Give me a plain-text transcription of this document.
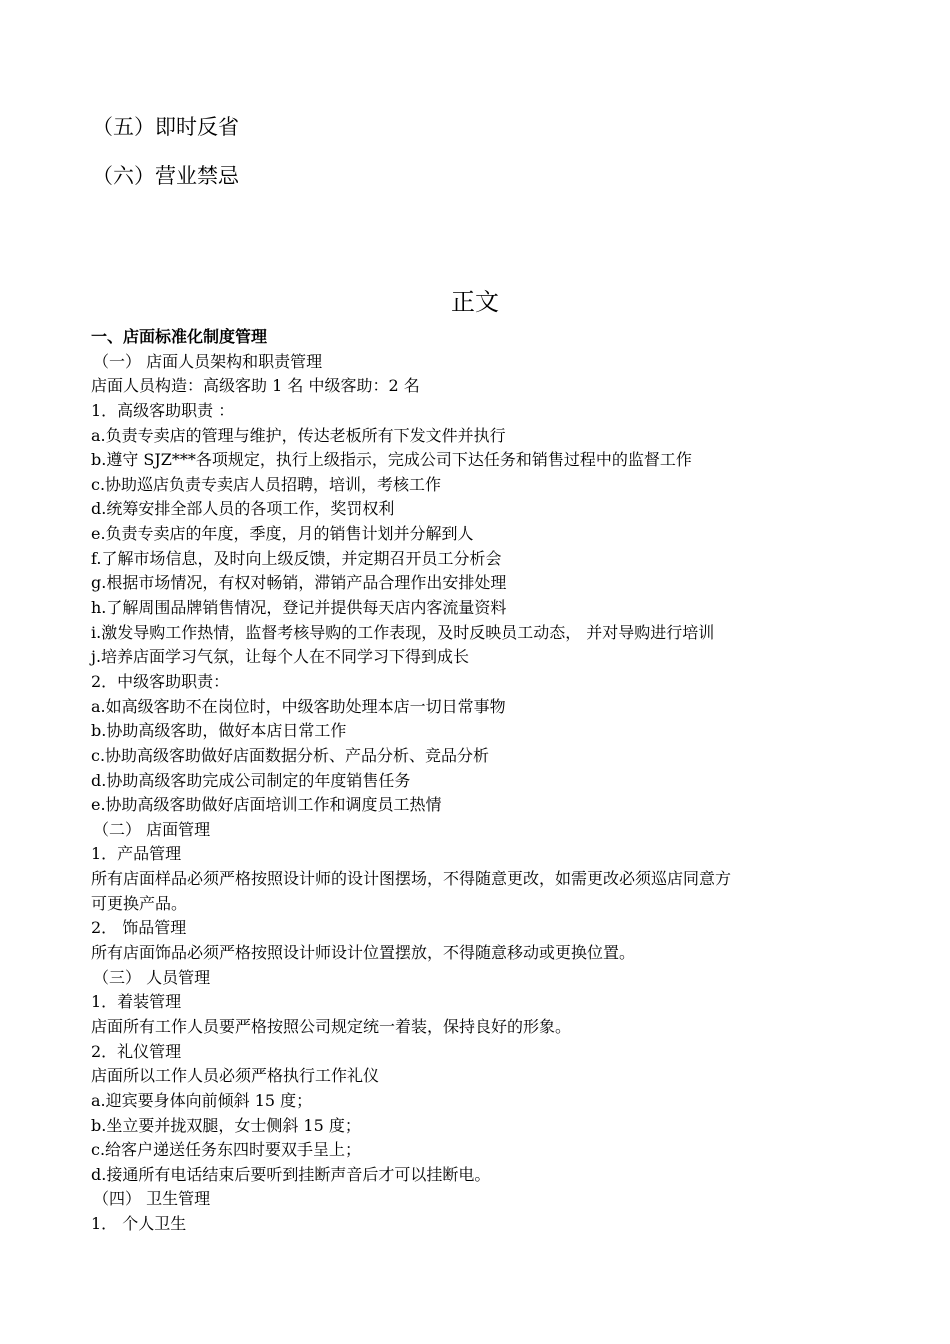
（五）即时反省
（六）营业禁忌
正文
一、店面标准化制度管理
（一） 店面人员架构和职责管理
店面人员构造：高级客助 1 名 中级客助：2 名
1．高级客助职责 ：
a.负责专卖店的管理与维护，传达老板所有下发文件并执行
b.遵守 SJZ***各项规定，执行上级指示，完成公司下达任务和销售过程中的监督工作
c.协助巡店负责专卖店人员招聘，培训，考核工作
d.统筹安排全部人员的各项工作，奖罚权利
e.负责专卖店的年度，季度，月的销售计划并分解到人
f.了解市场信息，及时向上级反馈，并定期召开员工分析会
g.根据市场情况，有权对畅销，滞销产品合理作出安排处理
h.了解周围品牌销售情况，登记并提供每天店内客流量资料
i.激发导购工作热情，监督考核导购的工作表现，及时反映员工动态， 并对导购进行培训
j.培养店面学习气氛，让每个人在不同学习下得到成长
2．中级客助职责：
a.如高级客助不在岗位时，中级客助处理本店一切日常事物
b.协助高级客助，做好本店日常工作
c.协助高级客助做好店面数据分析、产品分析、竞品分析
d.协助高级客助完成公司制定的年度销售任务
e.协助高级客助做好店面培训工作和调度员工热情
（二） 店面管理
1．产品管理
所有店面样品必须严格按照设计师的设计图摆场，不得随意更改，如需更改必须巡店同意方
可更换产品。
2． 饰品管理
所有店面饰品必须严格按照设计师设计位置摆放，不得随意移动或更换位置。
（三） 人员管理
1．着装管理
店面所有工作人员要严格按照公司规定统一着装，保持良好的形象。
2．礼仪管理
店面所以工作人员必须严格执行工作礼仪
a.迎宾要身体向前倾斜 15 度；
b.坐立要并拢双腿，女士侧斜 15 度；
c.给客户递送任务东四时要双手呈上；
d.接通所有电话结束后要听到挂断声音后才可以挂断电。
（四） 卫生管理
1． 个人卫生
